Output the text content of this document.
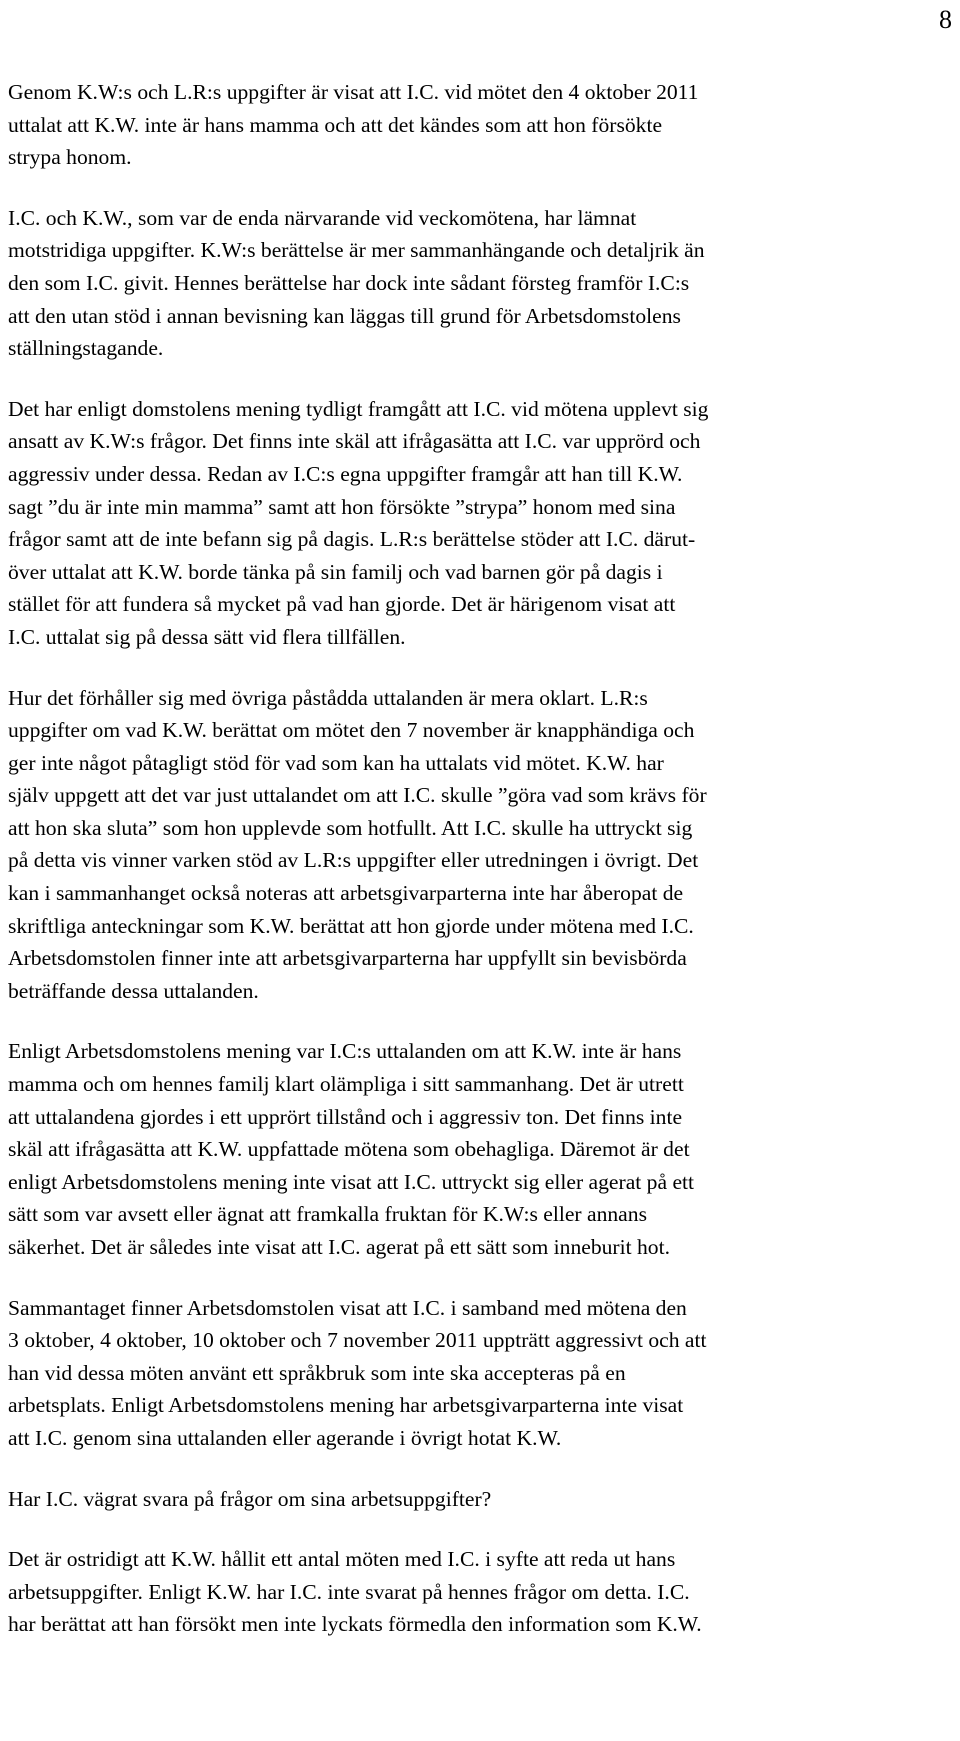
8

Genom K.W:s och L.R:s uppgifter är visat att I.C. vid mötet den 4 oktober 2011
uttalat att K.W. inte är hans mamma och att det kändes som att hon försökte
strypa honom.

I.C. och K.W., som var de enda närvarande vid veckomötena, har lämnat
motstridiga uppgifter. K.W:s berättelse är mer sammanhängande och detaljrik än
den som I.C. givit. Hennes berättelse har dock inte sådant försteg framför I.C:s
att den utan stöd i annan bevisning kan läggas till grund för Arbetsdomstolens
ställningstagande.

Det har enligt domstolens mening tydligt framgått att I.C. vid mötena upplevt sig
ansatt av K.W:s frågor. Det finns inte skäl att ifrågasätta att I.C. var upprörd och
aggressiv under dessa. Redan av I.C:s egna uppgifter framgår att han till K.W.
sagt ”du är inte min mamma” samt att hon försökte ”strypa” honom med sina
frågor samt att de inte befann sig på dagis. L.R:s berättelse stöder att I.C. därut-
över uttalat att K.W. borde tänka på sin familj och vad barnen gör på dagis i
stället för att fundera så mycket på vad han gjorde. Det är härigenom visat att
I.C. uttalat sig på dessa sätt vid flera tillfällen.

Hur det förhåller sig med övriga påstådda uttalanden är mera oklart. L.R:s
uppgifter om vad K.W. berättat om mötet den 7 november är knapphändiga och
ger inte något påtagligt stöd för vad som kan ha uttalats vid mötet. K.W. har
själv uppgett att det var just uttalandet om att I.C. skulle ”göra vad som krävs för
att hon ska sluta” som hon upplevde som hotfullt. Att I.C. skulle ha uttryckt sig
på detta vis vinner varken stöd av L.R:s uppgifter eller utredningen i övrigt. Det
kan i sammanhanget också noteras att arbetsgivarparterna inte har åberopat de
skriftliga anteckningar som K.W. berättat att hon gjorde under mötena med I.C.
Arbetsdomstolen finner inte att arbetsgivarparterna har uppfyllt sin bevisbörda
beträffande dessa uttalanden.

Enligt Arbetsdomstolens mening var I.C:s uttalanden om att K.W. inte är hans
mamma och om hennes familj klart olämpliga i sitt sammanhang. Det är utrett
att uttalandena gjordes i ett upprört tillstånd och i aggressiv ton. Det finns inte
skäl att ifrågasätta att K.W. uppfattade mötena som obehagliga. Däremot är det
enligt Arbetsdomstolens mening inte visat att I.C. uttryckt sig eller agerat på ett
sätt som var avsett eller ägnat att framkalla fruktan för K.W:s eller annans
säkerhet. Det är således inte visat att I.C. agerat på ett sätt som inneburit hot.

Sammantaget finner Arbetsdomstolen visat att I.C. i samband med mötena den
3 oktober, 4 oktober, 10 oktober och 7 november 2011 uppträtt aggressivt och att
han vid dessa möten använt ett språkbruk som inte ska accepteras på en
arbetsplats. Enligt Arbetsdomstolens mening har arbetsgivarparterna inte visat
att I.C. genom sina uttalanden eller agerande i övrigt hotat K.W.

Har I.C. vägrat svara på frågor om sina arbetsuppgifter?

Det är ostridigt att K.W. hållit ett antal möten med I.C. i syfte att reda ut hans
arbetsuppgifter. Enligt K.W. har I.C. inte svarat på hennes frågor om detta. I.C.
har berättat att han försökt men inte lyckats förmedla den information som K.W.
